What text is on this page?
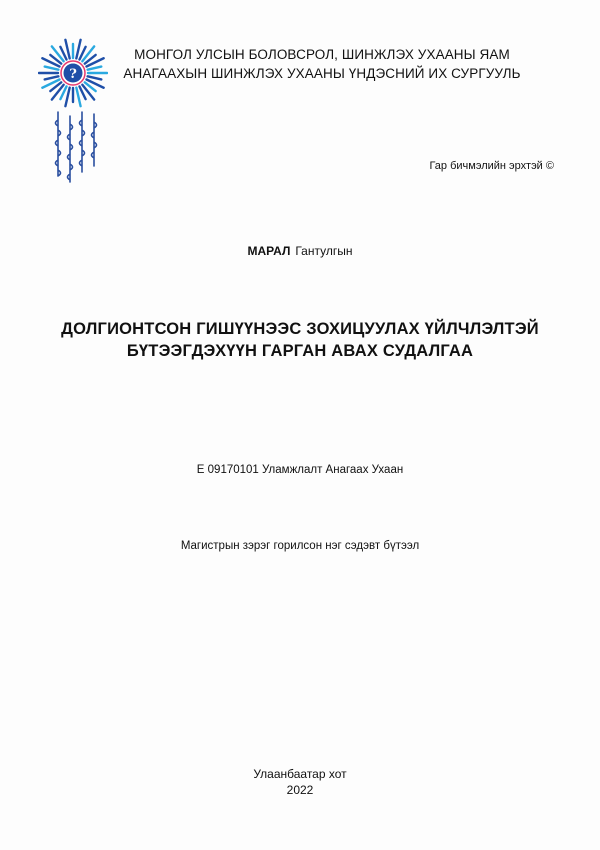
?
МОНГОЛ УЛСЫН БОЛОВСРОЛ, ШИНЖЛЭХ УХААНЫ ЯАМ
АНАГААХЫН ШИНЖЛЭХ УХААНЫ ҮНДЭСНИЙ ИХ СУРГУУЛЬ
Гар бичмэлийн эрхтэй ©
МАРАЛ Гантулгын
ДОЛГИОНТСОН ГИШҮҮНЭЭС ЗОХИЦУУЛАХ ҮЙЛЧЛЭЛТЭЙ
БҮТЭЭГДЭХҮҮН ГАРГАН АВАХ СУДАЛГАА
Е 09170101 Уламжлалт Анагаах Ухаан
Магистрын зэрэг горилсон нэг сэдэвт бүтээл
Улаанбаатар хот
2022
